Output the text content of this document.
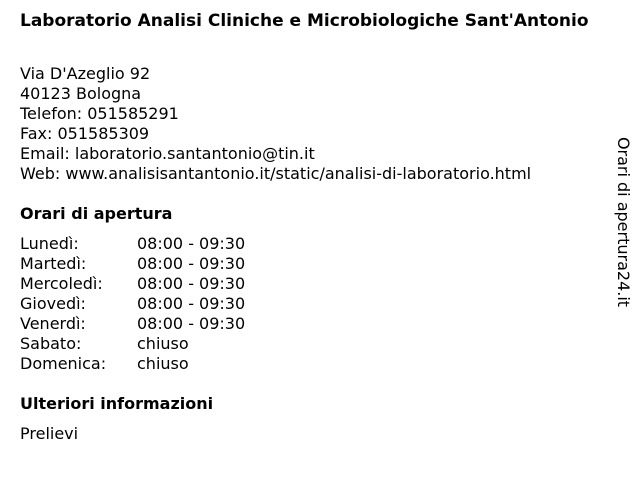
Laboratorio Analisi Cliniche e Microbiologiche Sant'Antonio
Via D'Azeglio 92
40123 Bologna
Telefon: 051585291
Fax: 051585309
Email: laboratorio.santantonio@tin.it
Web: www.analisisantantonio.it/static/analisi-di-laboratorio.html
Orari di apertura
Lunedì:	08:00 - 09:30
Martedì:	08:00 - 09:30
Mercoledì: 08:00 - 09:30
Giovedì:	08:00 - 09:30
Venerdì:	08:00 - 09:30
Sabato:	chiuso
Domenica: chiuso
Ulteriori informazioni
Prelievi
Orari di apertura24.it
